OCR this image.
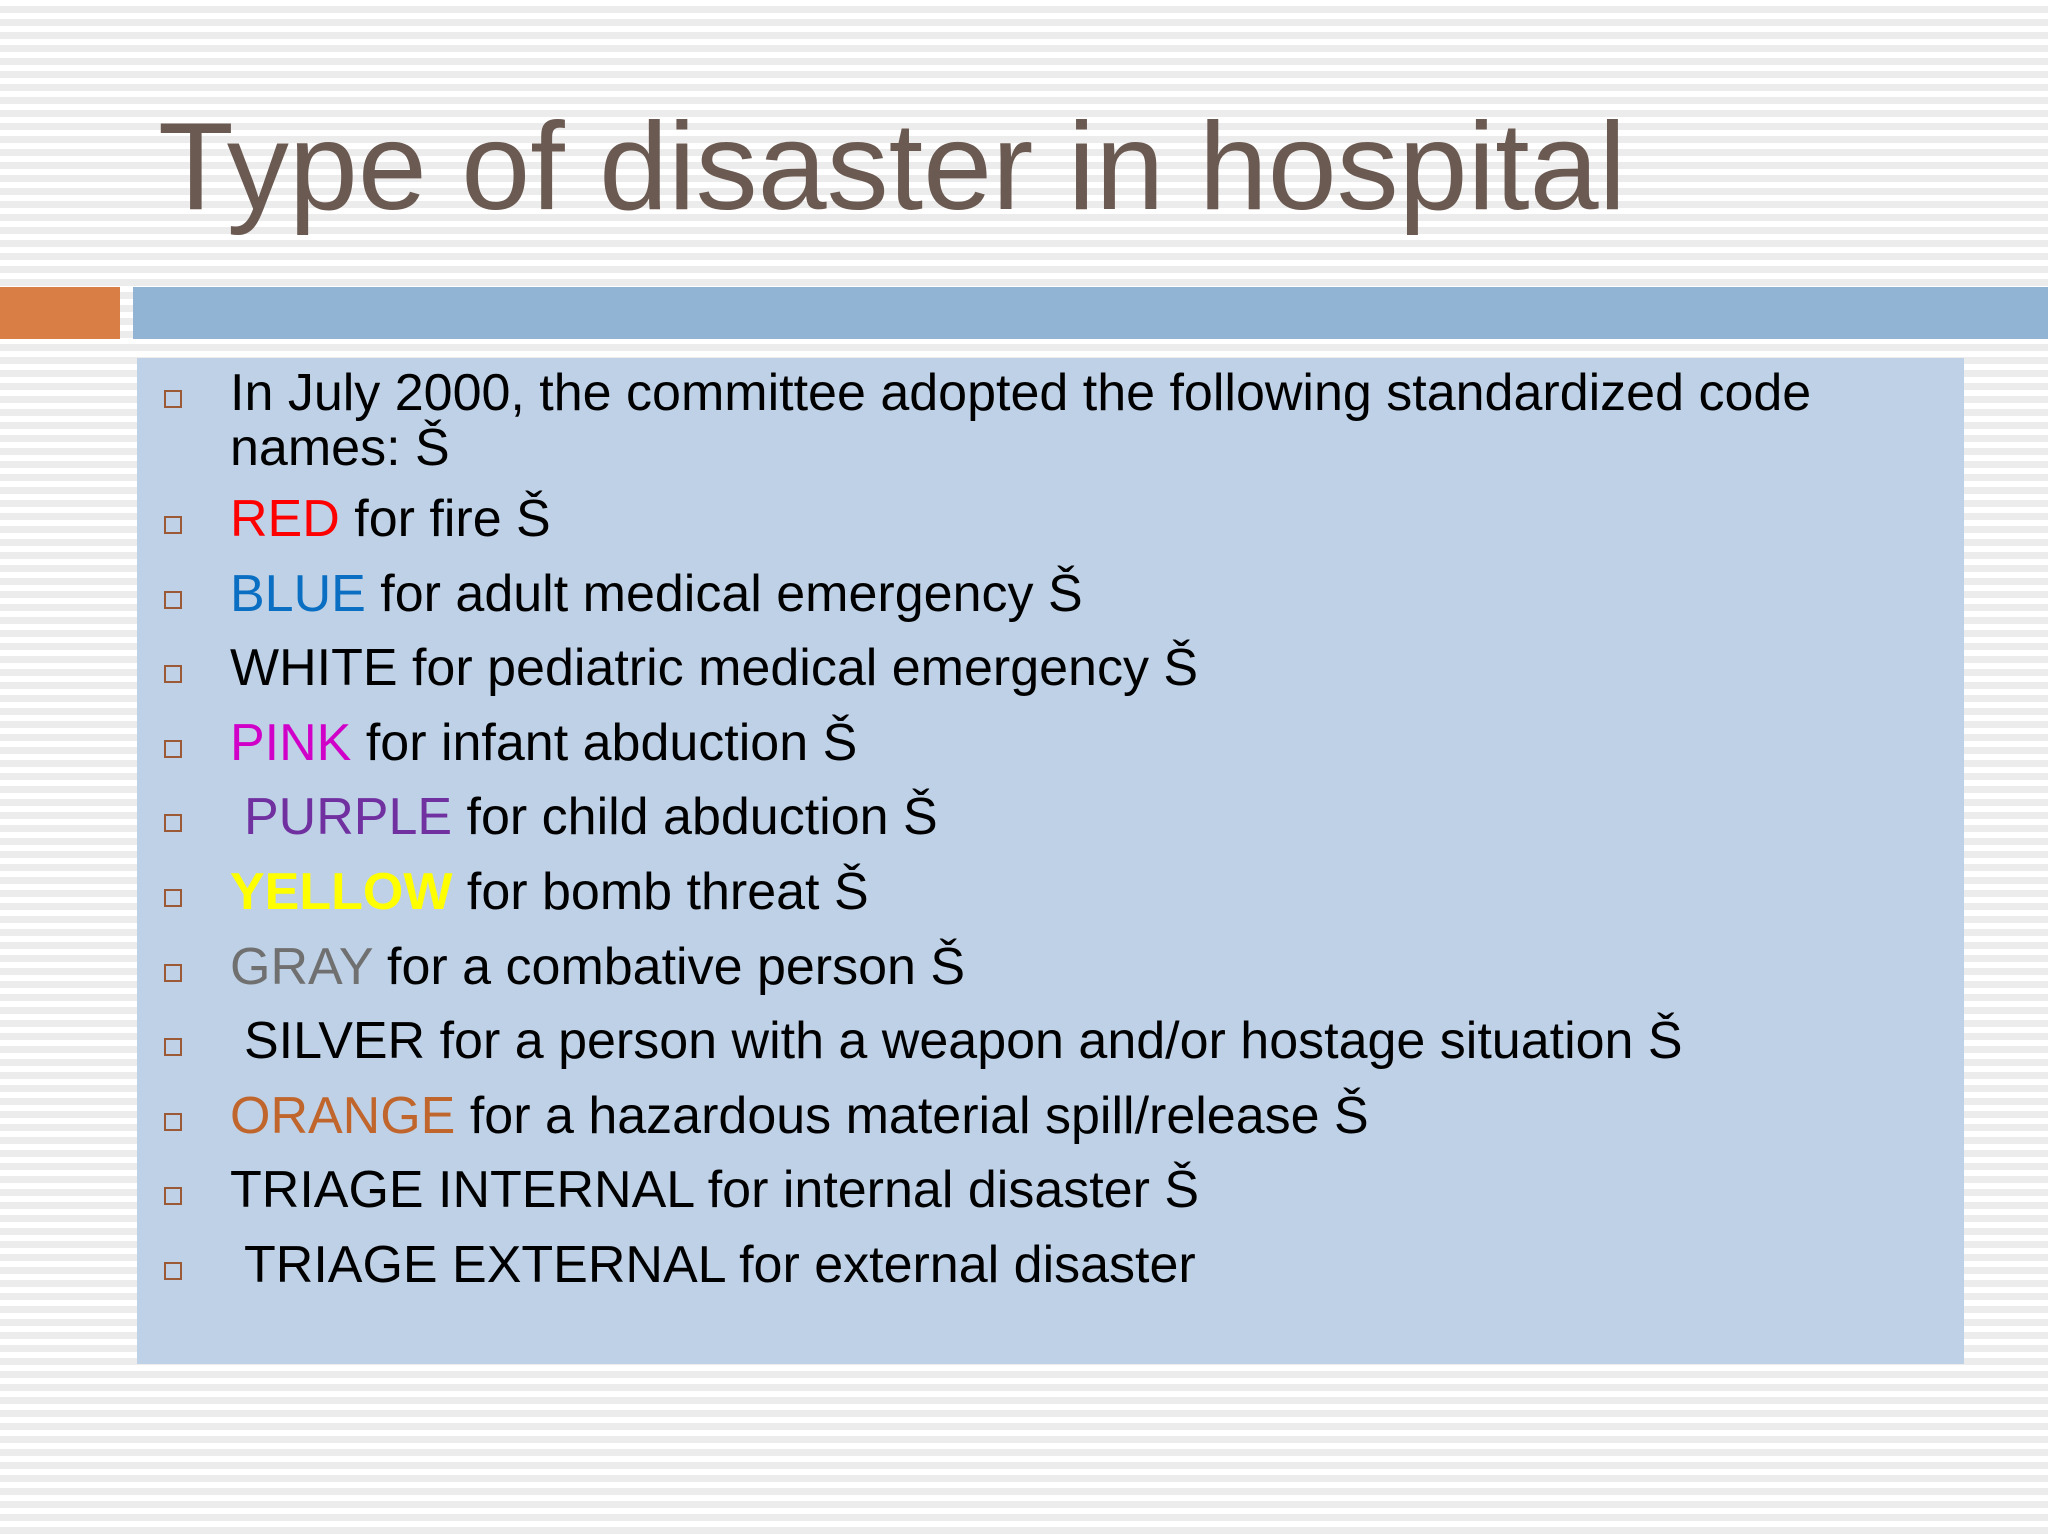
Type of disaster in hospital
In July 2000, the committee adopted the following standardized code names: Š
RED for fire Š
BLUE for adult medical emergency Š
WHITE for pediatric medical emergency Š
PINK for infant abduction Š
PURPLE for child abduction Š
YELLOW for bomb threat Š
GRAY for a combative person Š
SILVER for a person with a weapon and/or hostage situation Š
ORANGE for a hazardous material spill/release Š
TRIAGE INTERNAL for internal disaster Š
TRIAGE EXTERNAL for external disaster
